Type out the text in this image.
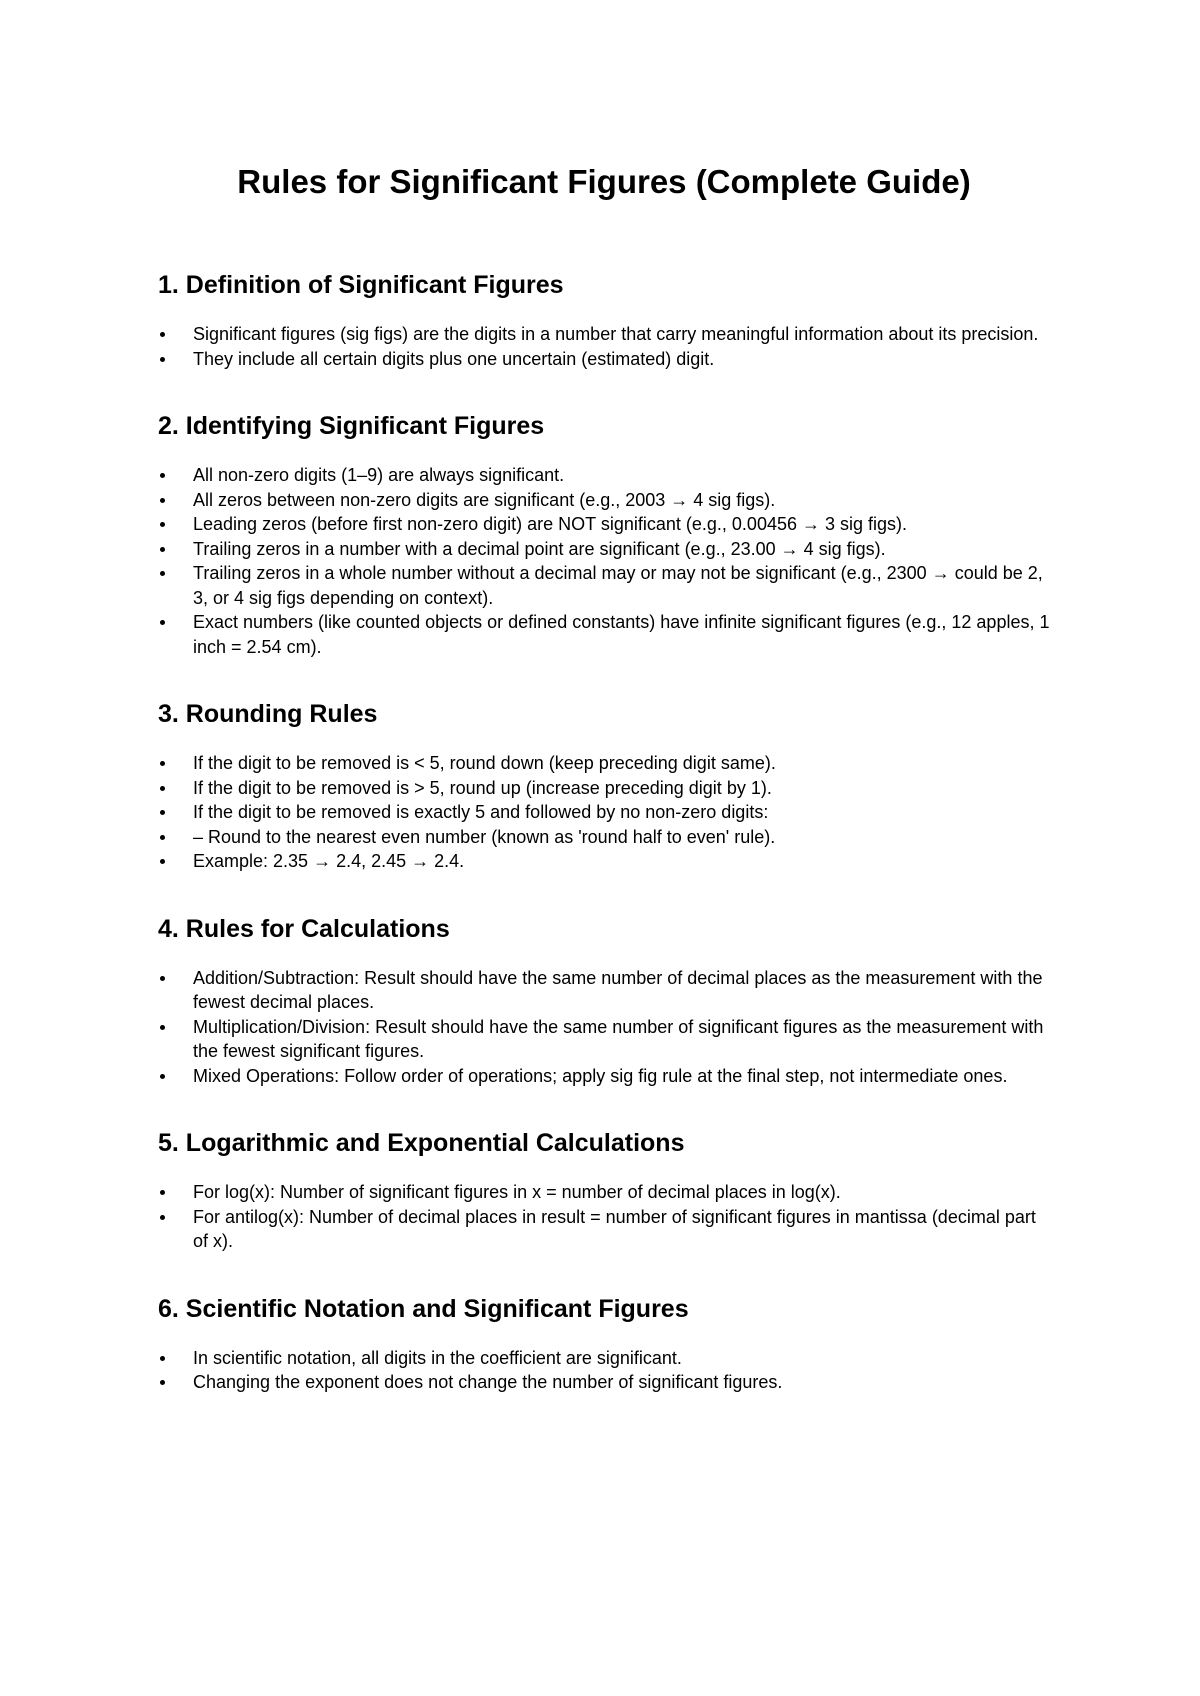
Rules for Significant Figures (Complete Guide)
1. Definition of Significant Figures
Significant figures (sig figs) are the digits in a number that carry meaningful information about its precision.
They include all certain digits plus one uncertain (estimated) digit.
2. Identifying Significant Figures
All non-zero digits (1–9) are always significant.
All zeros between non-zero digits are significant (e.g., 2003 → 4 sig figs).
Leading zeros (before first non-zero digit) are NOT significant (e.g., 0.00456 → 3 sig figs).
Trailing zeros in a number with a decimal point are significant (e.g., 23.00 → 4 sig figs).
Trailing zeros in a whole number without a decimal may or may not be significant (e.g., 2300 → could be 2, 3, or 4 sig figs depending on context).
Exact numbers (like counted objects or defined constants) have infinite significant figures (e.g., 12 apples, 1 inch = 2.54 cm).
3. Rounding Rules
If the digit to be removed is < 5, round down (keep preceding digit same).
If the digit to be removed is > 5, round up (increase preceding digit by 1).
If the digit to be removed is exactly 5 and followed by no non-zero digits:
– Round to the nearest even number (known as 'round half to even' rule).
Example: 2.35 → 2.4, 2.45 → 2.4.
4. Rules for Calculations
Addition/Subtraction: Result should have the same number of decimal places as the measurement with the fewest decimal places.
Multiplication/Division: Result should have the same number of significant figures as the measurement with the fewest significant figures.
Mixed Operations: Follow order of operations; apply sig fig rule at the final step, not intermediate ones.
5. Logarithmic and Exponential Calculations
For log(x): Number of significant figures in x = number of decimal places in log(x).
For antilog(x): Number of decimal places in result = number of significant figures in mantissa (decimal part of x).
6. Scientific Notation and Significant Figures
In scientific notation, all digits in the coefficient are significant.
Changing the exponent does not change the number of significant figures.
